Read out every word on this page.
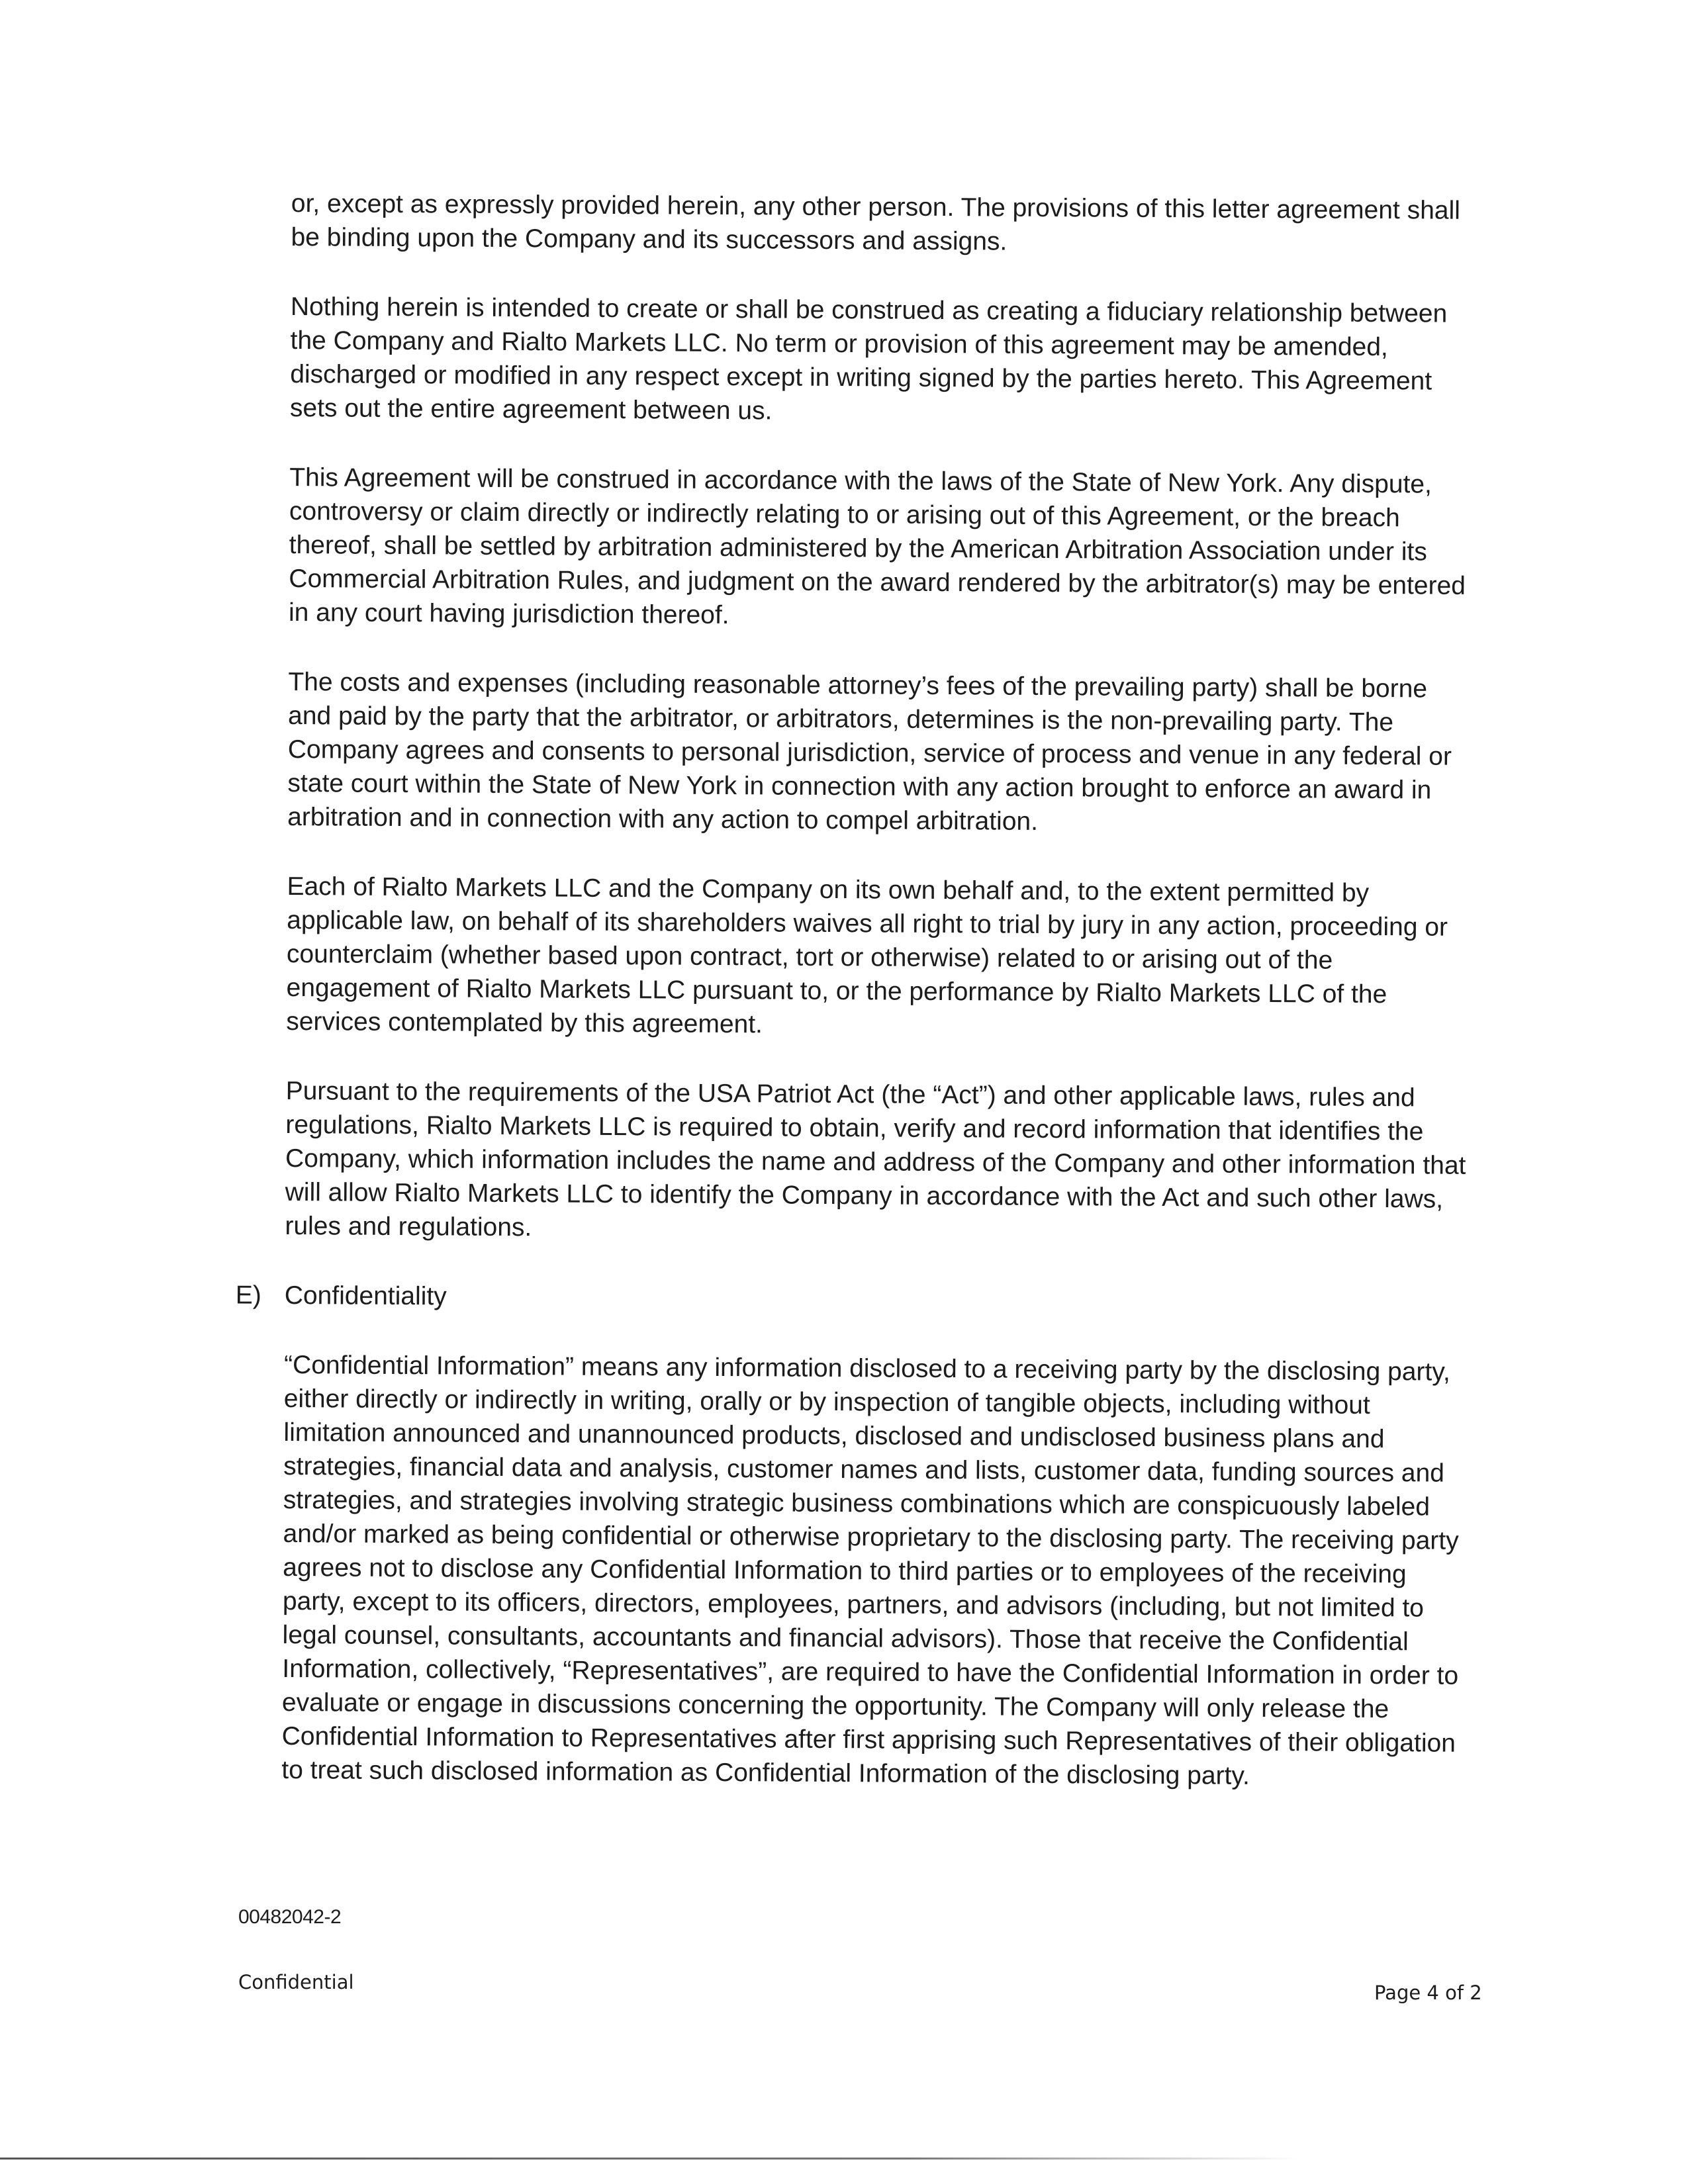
or, except as expressly provided herein, any other person. The provisions of this letter agreement shall be binding upon the Company and its successors and assigns.

Nothing herein is intended to create or shall be construed as creating a fiduciary relationship between the Company and Rialto Markets LLC. No term or provision of this agreement may be amended, discharged or modified in any respect except in writing signed by the parties hereto. This Agreement sets out the entire agreement between us.

This Agreement will be construed in accordance with the laws of the State of New York. Any dispute, controversy or claim directly or indirectly relating to or arising out of this Agreement, or the breach thereof, shall be settled by arbitration administered by the American Arbitration Association under its Commercial Arbitration Rules, and judgment on the award rendered by the arbitrator(s) may be entered in any court having jurisdiction thereof.

The costs and expenses (including reasonable attorney’s fees of the prevailing party) shall be borne and paid by the party that the arbitrator, or arbitrators, determines is the non-prevailing party. The Company agrees and consents to personal jurisdiction, service of process and venue in any federal or state court within the State of New York in connection with any action brought to enforce an award in arbitration and in connection with any action to compel arbitration.

Each of Rialto Markets LLC and the Company on its own behalf and, to the extent permitted by applicable law, on behalf of its shareholders waives all right to trial by jury in any action, proceeding or counterclaim (whether based upon contract, tort or otherwise) related to or arising out of the engagement of Rialto Markets LLC pursuant to, or the performance by Rialto Markets LLC of the services contemplated by this agreement.

Pursuant to the requirements of the USA Patriot Act (the “Act”) and other applicable laws, rules and regulations, Rialto Markets LLC is required to obtain, verify and record information that identifies the Company, which information includes the name and address of the Company and other information that will allow Rialto Markets LLC to identify the Company in accordance with the Act and such other laws, rules and regulations.

E) Confidentiality

“Confidential Information” means any information disclosed to a receiving party by the disclosing party, either directly or indirectly in writing, orally or by inspection of tangible objects, including without limitation announced and unannounced products, disclosed and undisclosed business plans and strategies, financial data and analysis, customer names and lists, customer data, funding sources and strategies, and strategies involving strategic business combinations which are conspicuously labeled and/or marked as being confidential or otherwise proprietary to the disclosing party. The receiving party agrees not to disclose any Confidential Information to third parties or to employees of the receiving party, except to its officers, directors, employees, partners, and advisors (including, but not limited to legal counsel, consultants, accountants and financial advisors). Those that receive the Confidential Information, collectively, “Representatives”, are required to have the Confidential Information in order to evaluate or engage in discussions concerning the opportunity. The Company will only release the Confidential Information to Representatives after first apprising such Representatives of their obligation to treat such disclosed information as Confidential Information of the disclosing party.

00482042-2
Confidential	Page 4 of 2
